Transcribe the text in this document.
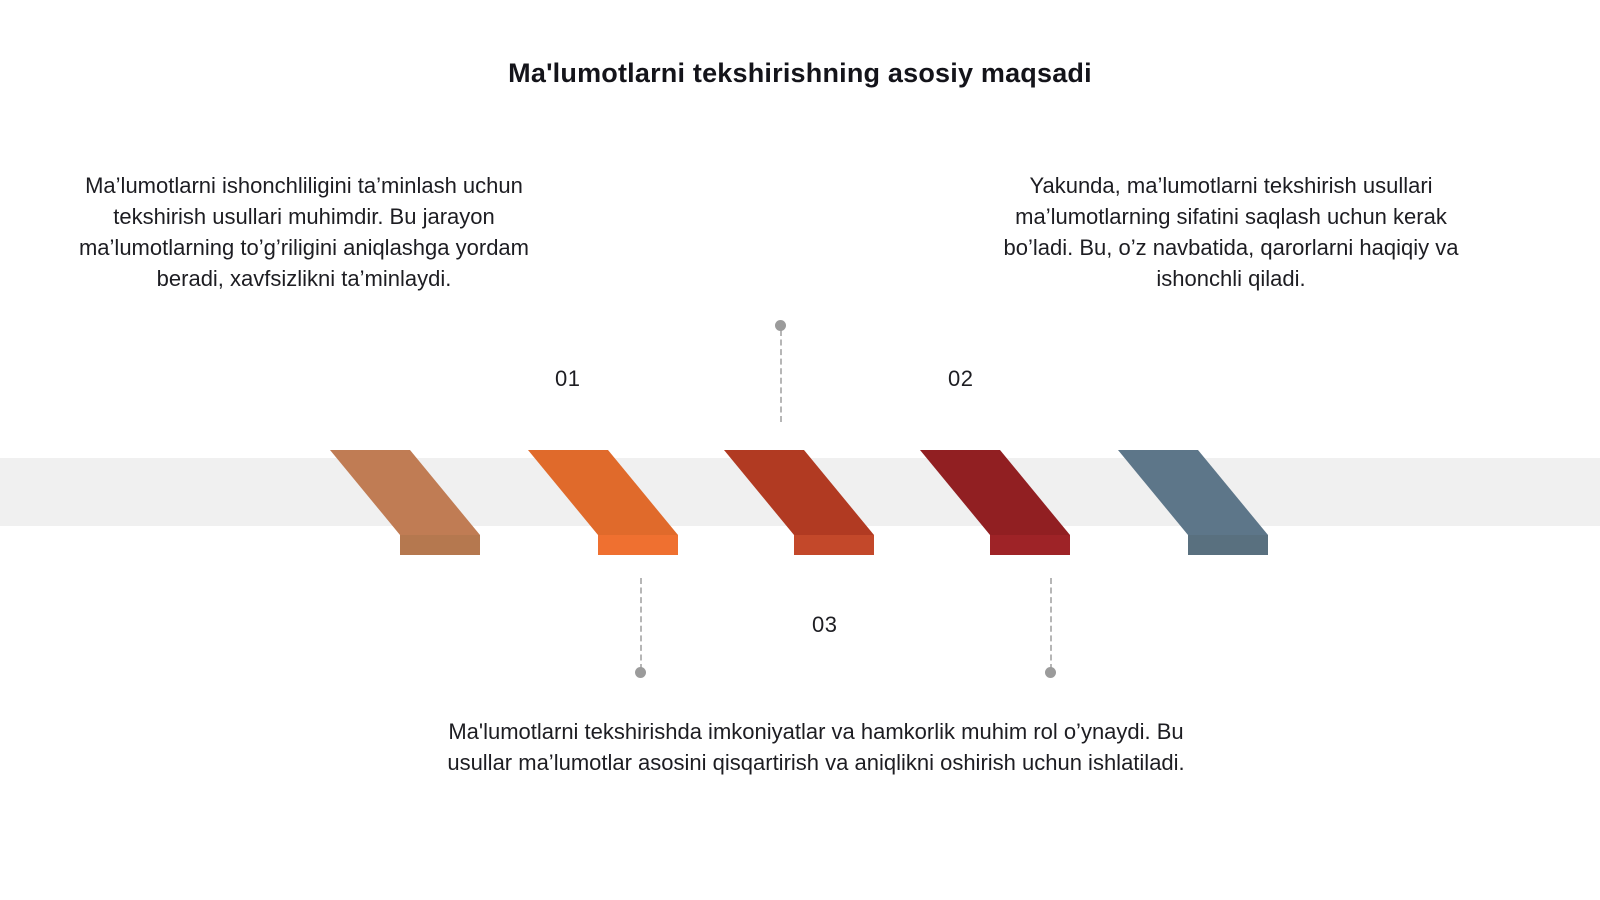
Ma'lumotlarni tekshirishning asosiy maqsadi
Ma’lumotlarni ishonchliligini ta’minlash uchun tekshirish usullari muhimdir. Bu jarayon ma’lumotlarning to’g’riligini aniqlashga yordam beradi, xavfsizlikni ta’minlaydi.
Yakunda, ma’lumotlarni tekshirish usullari ma’lumotlarning sifatini saqlash uchun kerak bo’ladi. Bu, o’z navbatida, qarorlarni haqiqiy va ishonchli qiladi.
Ma'lumotlarni tekshirishda imkoniyatlar va hamkorlik muhim rol o’ynaydi. Bu usullar ma’lumotlar asosini qisqartirish va aniqlikni oshirish uchun ishlatiladi.
01	02
03
